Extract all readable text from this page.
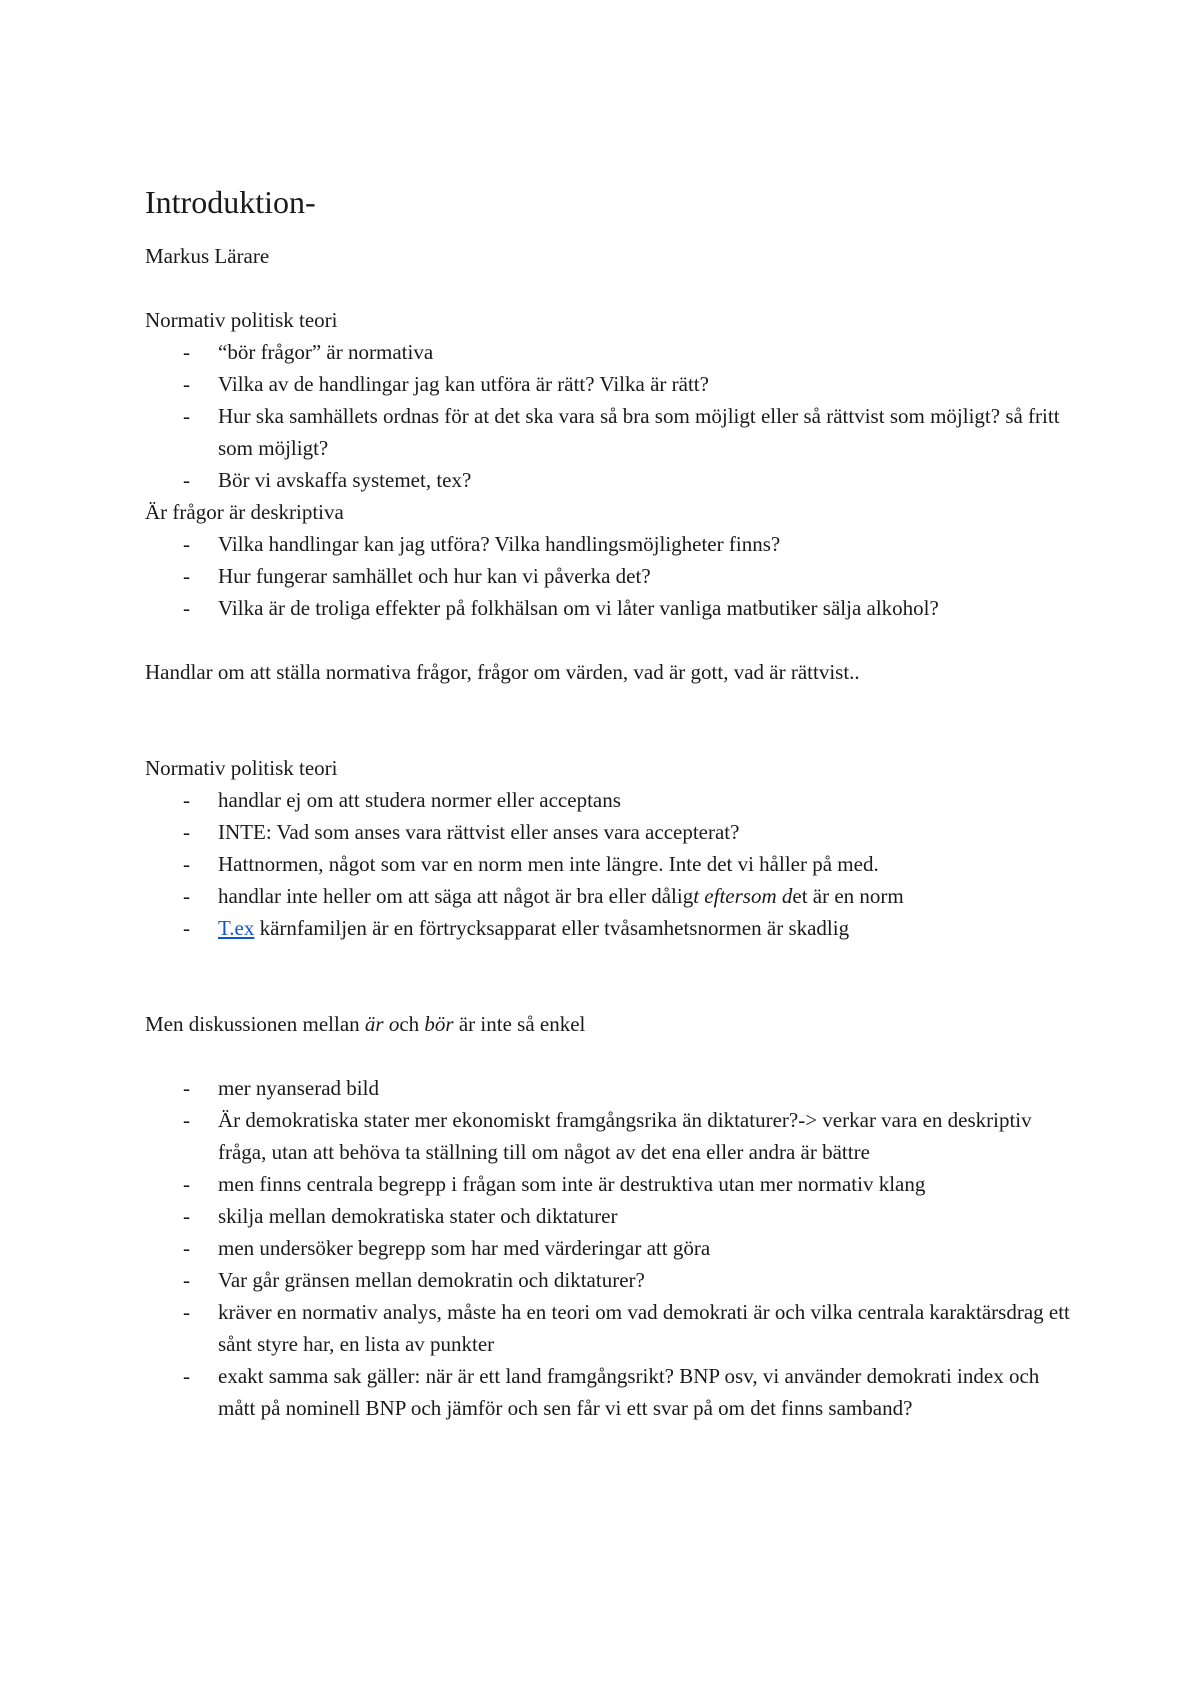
Introduktion-

Markus Lärare

Normativ politisk teori

- “bör frågor” är normativa
- Vilka av de handlingar jag kan utföra är rätt? Vilka är rätt?
- Hur ska samhällets ordnas för at det ska vara så bra som möjligt eller så rättvist som möjligt? så fritt som möjligt?
- Bör vi avskaffa systemet, tex?

Är frågor är deskriptiva

- Vilka handlingar kan jag utföra? Vilka handlingsmöjligheter finns?
- Hur fungerar samhället och hur kan vi påverka det?
- Vilka är de troliga effekter på folkhälsan om vi låter vanliga matbutiker sälja alkohol?

Handlar om att ställa normativa frågor, frågor om värden, vad är gott, vad är rättvist..

Normativ politisk teori

- handlar ej om att studera normer eller acceptans
- INTE: Vad som anses vara rättvist eller anses vara accepterat?
- Hattnormen, något som var en norm men inte längre. Inte det vi håller på med.
- handlar inte heller om att säga att något är bra eller dåligt eftersom det är en norm
- T.ex kärnfamiljen är en förtrycksapparat eller tvåsamhetsnormen är skadlig

Men diskussionen mellan är och bör är inte så enkel

- mer nyanserad bild
- Är demokratiska stater mer ekonomiskt framgångsrika än diktaturer?-> verkar vara en deskriptiv fråga, utan att behöva ta ställning till om något av det ena eller andra är bättre
- men finns centrala begrepp i frågan som inte är destruktiva utan mer normativ klang
- skilja mellan demokratiska stater och diktaturer
- men undersöker begrepp som har med värderingar att göra
- Var går gränsen mellan demokratin och diktaturer?
- kräver en normativ analys, måste ha en teori om vad demokrati är och vilka centrala karaktärsdrag ett sånt styre har, en lista av punkter
- exakt samma sak gäller: när är ett land framgångsrikt? BNP osv, vi använder demokrati index och mått på nominell BNP och jämför och sen får vi ett svar på om det finns samband?
